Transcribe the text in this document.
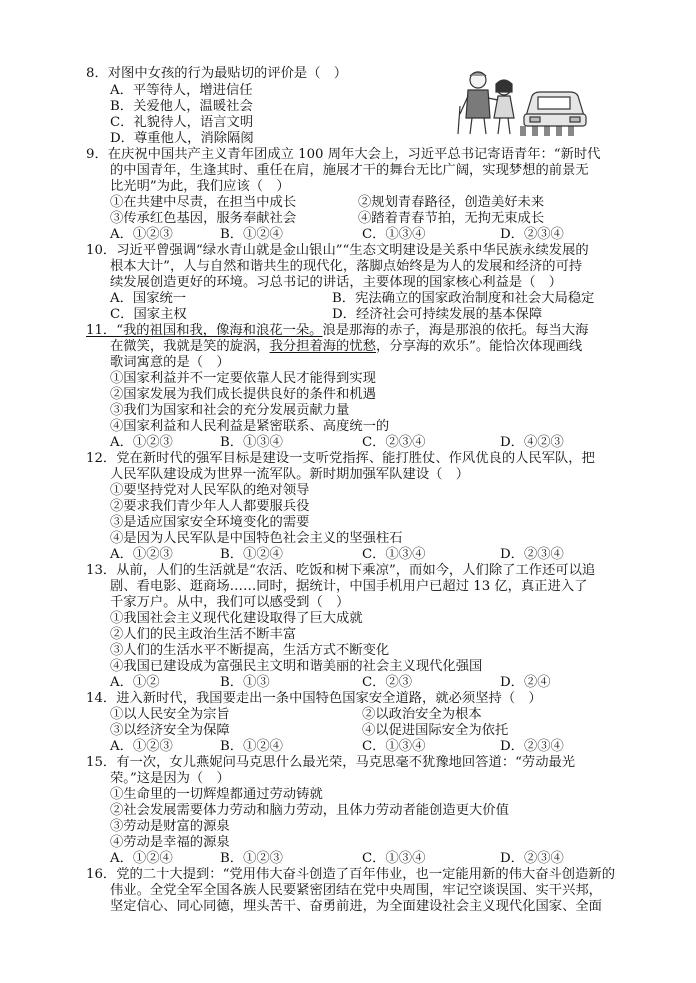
8．对图中女孩的行为最贴切的评价是（　）
A．平等待人，增进信任
B．关爱他人，温暖社会
C．礼貌待人，语言文明
D．尊重他人，消除隔阂
9．在庆祝中国共产主义青年团成立 100 周年大会上，习近平总书记寄语青年：“新时代
的中国青年，生逢其时、重任在肩，施展才干的舞台无比广阔，实现梦想的前景无
比光明”为此，我们应该（　）
①在共建中尽责，在担当中成长	②规划青春路径，创造美好未来
③传承红色基因，服务奉献社会	④踏着青春节拍，无拘无束成长
A．①②③	B．①②④	C．①③④	D．②③④
10．习近平曾强调“绿水青山就是金山银山”“生态文明建设是关系中华民族永续发展的
根本大计”，人与自然和谐共生的现代化，落脚点始终是为人的发展和经济的可持
续发展创造更好的环境。习总书记的讲话，主要体现的国家核心利益是（　）
A．国家统一	B．宪法确立的国家政治制度和社会大局稳定
C．国家主权	D．经济社会可持续发展的基本保障
11．“我的祖国和我，像海和浪花一朵。浪是那海的赤子，海是那浪的依托。每当大海
在微笑，我就是笑的旋涡，我分担着海的忧愁，分享海的欢乐”。能恰次体现画线
歌词寓意的是（　）
①国家利益并不一定要依靠人民才能得到实现
②国家发展为我们成长提供良好的条件和机遇
③我们为国家和社会的充分发展贡献力量
④国家利益和人民利益是紧密联系、高度统一的
A．①②③	B．①③④	C．②③④	D．④②③
12．党在新时代的强军目标是建设一支听党指挥、能打胜仗、作风优良的人民军队，把
人民军队建设成为世界一流军队。新时期加强军队建设（　）
①要坚持党对人民军队的绝对领导
②要求我们青少年人人都要服兵役
③是适应国家安全环境变化的需要
④是因为人民军队是中国特色社会主义的坚强柱石
A．①②③	B．①②④	C．①③④	D．②③④
13．从前，人们的生活就是“农活、吃饭和树下乘凉”，而如今，人们除了工作还可以追
剧、看电影、逛商场……同时，据统计，中国手机用户已超过 13 亿，真正进入了
千家万户。从中，我们可以感受到（　）
①我国社会主义现代化建设取得了巨大成就
②人们的民主政治生活不断丰富
③人们的生活水平不断提高，生活方式不断变化
④我国已建设成为富强民主文明和谐美丽的社会主义现代化强国
A．①②	B．①③	C．②③	D．②④
14．进入新时代，我国要走出一条中国特色国家安全道路，就必须坚持（　）
①以人民安全为宗旨	②以政治安全为根本
③以经济安全为保障	④以促进国际安全为依托
A．①②③	B．①②④	C．①③④	D．②③④
15．有一次，女儿燕妮问马克思什么最光荣，马克思毫不犹豫地回答道：“劳动最光
荣。”这是因为（　）
①生命里的一切辉煌都通过劳动铸就
②社会发展需要体力劳动和脑力劳动，且体力劳动者能创造更大价值
③劳动是财富的源泉
④劳动是幸福的源泉
A．①②④	B．①②③	C．①③④	D．②③④
16．党的二十大提到：“党用伟大奋斗创造了百年伟业，也一定能用新的伟大奋斗创造新的
伟业。全党全军全国各族人民要紧密团结在党中央周围，牢记空谈误国、实干兴邦，
坚定信心、同心同德，埋头苦干、奋勇前进，为全面建设社会主义现代化国家、全面
